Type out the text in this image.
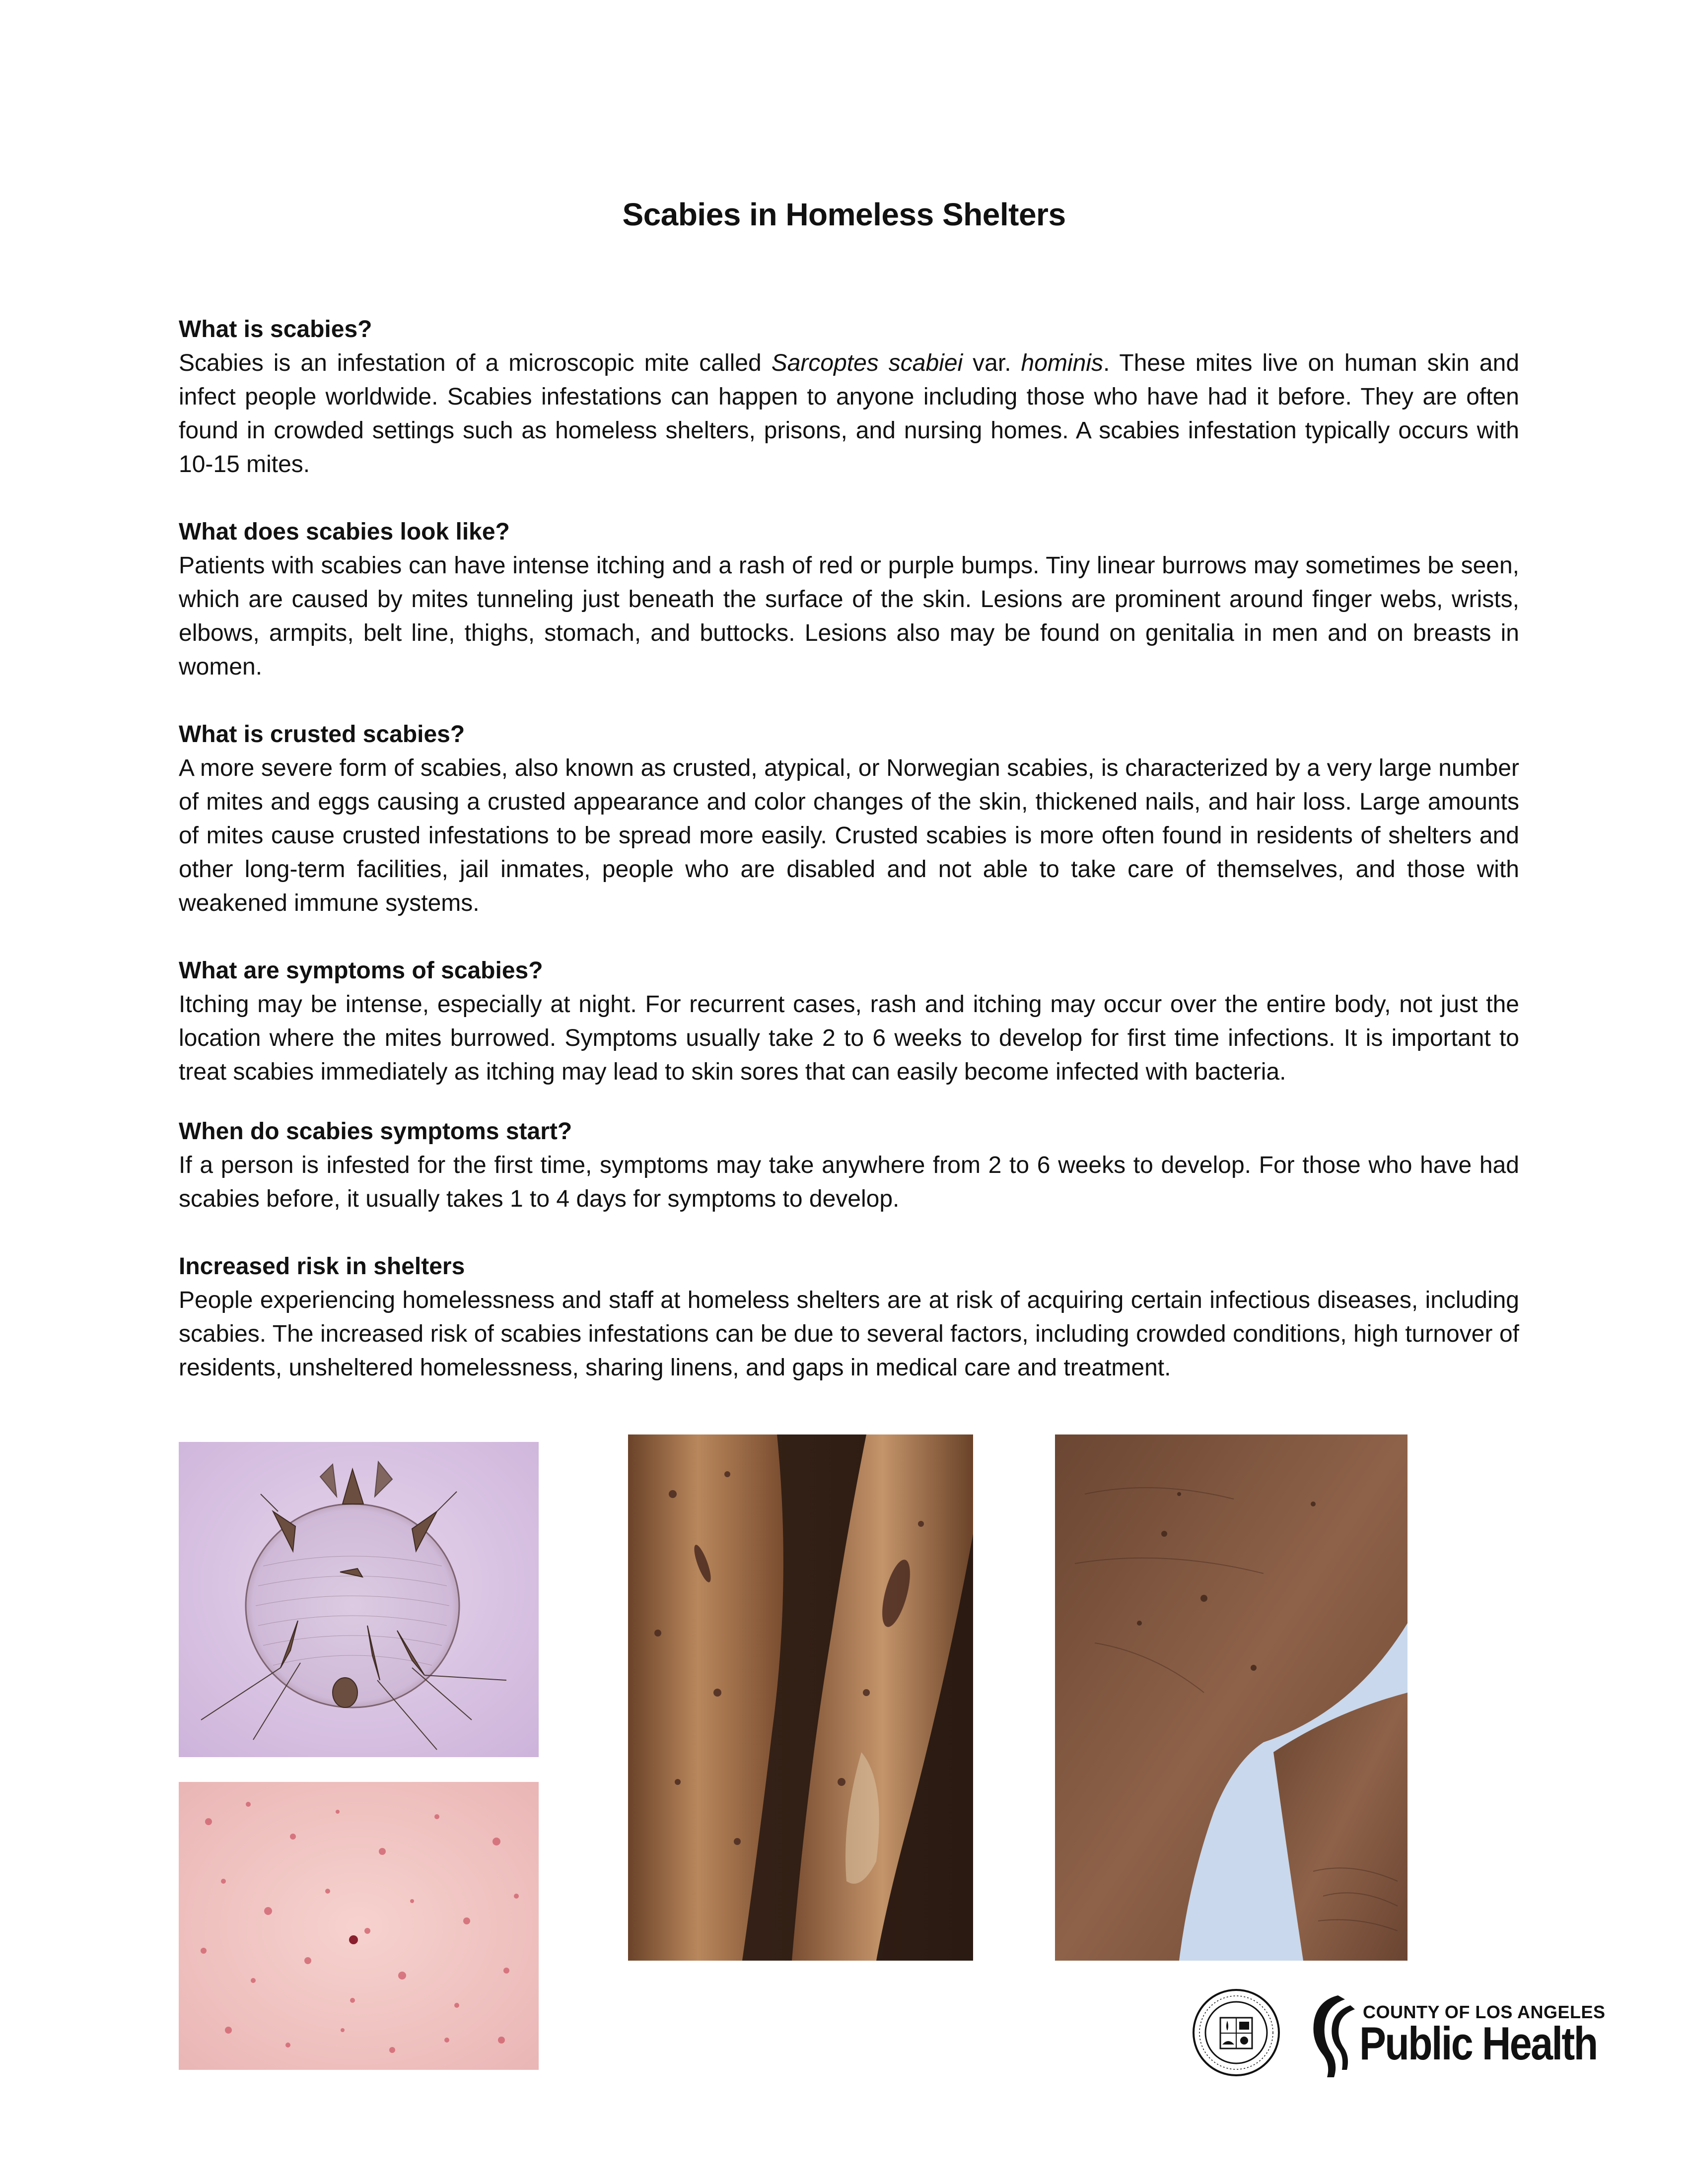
Scabies in Homeless Shelters

What is scabies?

Scabies is an infestation of a microscopic mite called Sarcoptes scabiei var. hominis. These mites live on human skin and infect people worldwide. Scabies infestations can happen to anyone including those who have had it before. They are often found in crowded settings such as homeless shelters, prisons, and nursing homes. A scabies infestation typically occurs with 10-15 mites.

What does scabies look like?

Patients with scabies can have intense itching and a rash of red or purple bumps. Tiny linear burrows may sometimes be seen, which are caused by mites tunneling just beneath the surface of the skin. Lesions are prominent around finger webs, wrists, elbows, armpits, belt line, thighs, stomach, and buttocks. Lesions also may be found on genitalia in men and on breasts in women.

What is crusted scabies?

A more severe form of scabies, also known as crusted, atypical, or Norwegian scabies, is characterized by a very large number of mites and eggs causing a crusted appearance and color changes of the skin, thickened nails, and hair loss. Large amounts of mites cause crusted infestations to be spread more easily. Crusted scabies is more often found in residents of shelters and other long-term facilities, jail inmates, people who are disabled and not able to take care of themselves, and those with weakened immune systems.

What are symptoms of scabies?

Itching may be intense, especially at night. For recurrent cases, rash and itching may occur over the entire body, not just the location where the mites burrowed. Symptoms usually take 2 to 6 weeks to develop for first time infections. It is important to treat scabies immediately as itching may lead to skin sores that can easily become infected with bacteria.

When do scabies symptoms start?

If a person is infested for the first time, symptoms may take anywhere from 2 to 6 weeks to develop. For those who have had scabies before, it usually takes 1 to 4 days for symptoms to develop.

Increased risk in shelters

People experiencing homelessness and staff at homeless shelters are at risk of acquiring certain infectious diseases, including scabies. The increased risk of scabies infestations can be due to several factors, including crowded conditions, high turnover of residents, unsheltered homelessness, sharing linens, and gaps in medical care and treatment.

COUNTY OF LOS ANGELES
Public Health
